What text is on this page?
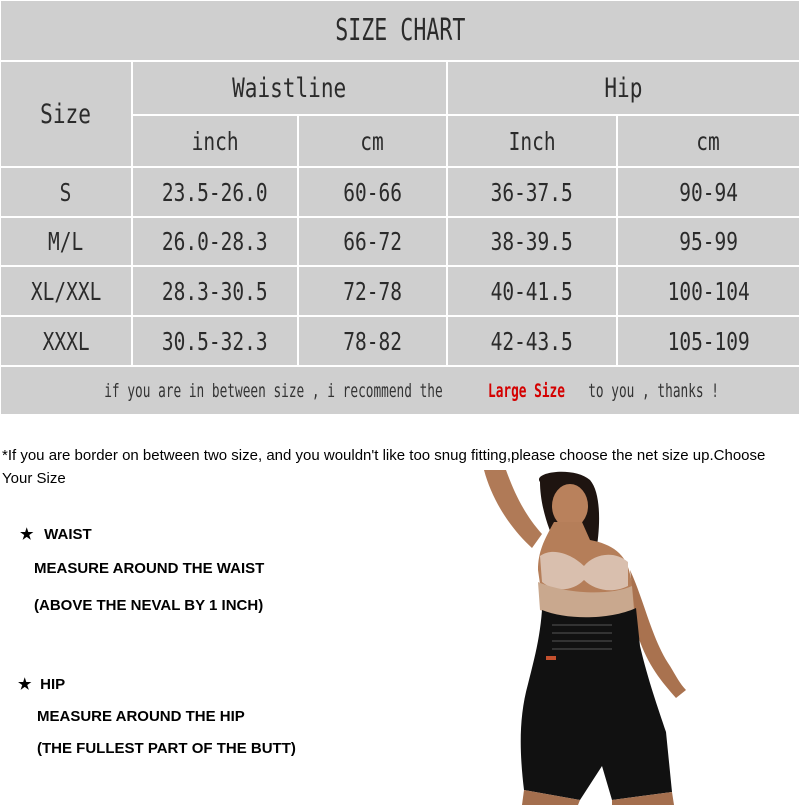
SIZE CHART
Size
Waistline	Hip
inch	cm	Inch	cm
S	23.5-26.0	60-66	36-37.5	90-94
M/L	26.0-28.3	66-72	38-39.5	95-99
XL/XXL 28.3-30.5	72-78	40-41.5	100-104
XXXL	30.5-32.3	78-82	42-43.5	105-109
if you are in between size , i recommend theLarge Sizeto you , thanks !
*If you are border on between two size, and you wouldn't like too snug fitting,please choose the net size up.Choose Your Size
★ WAIST
MEASURE AROUND THE WAIST
(ABOVE THE NEVAL BY 1 INCH)
★ HIP
MEASURE AROUND THE HIP
(THE FULLEST PART OF THE BUTT)
